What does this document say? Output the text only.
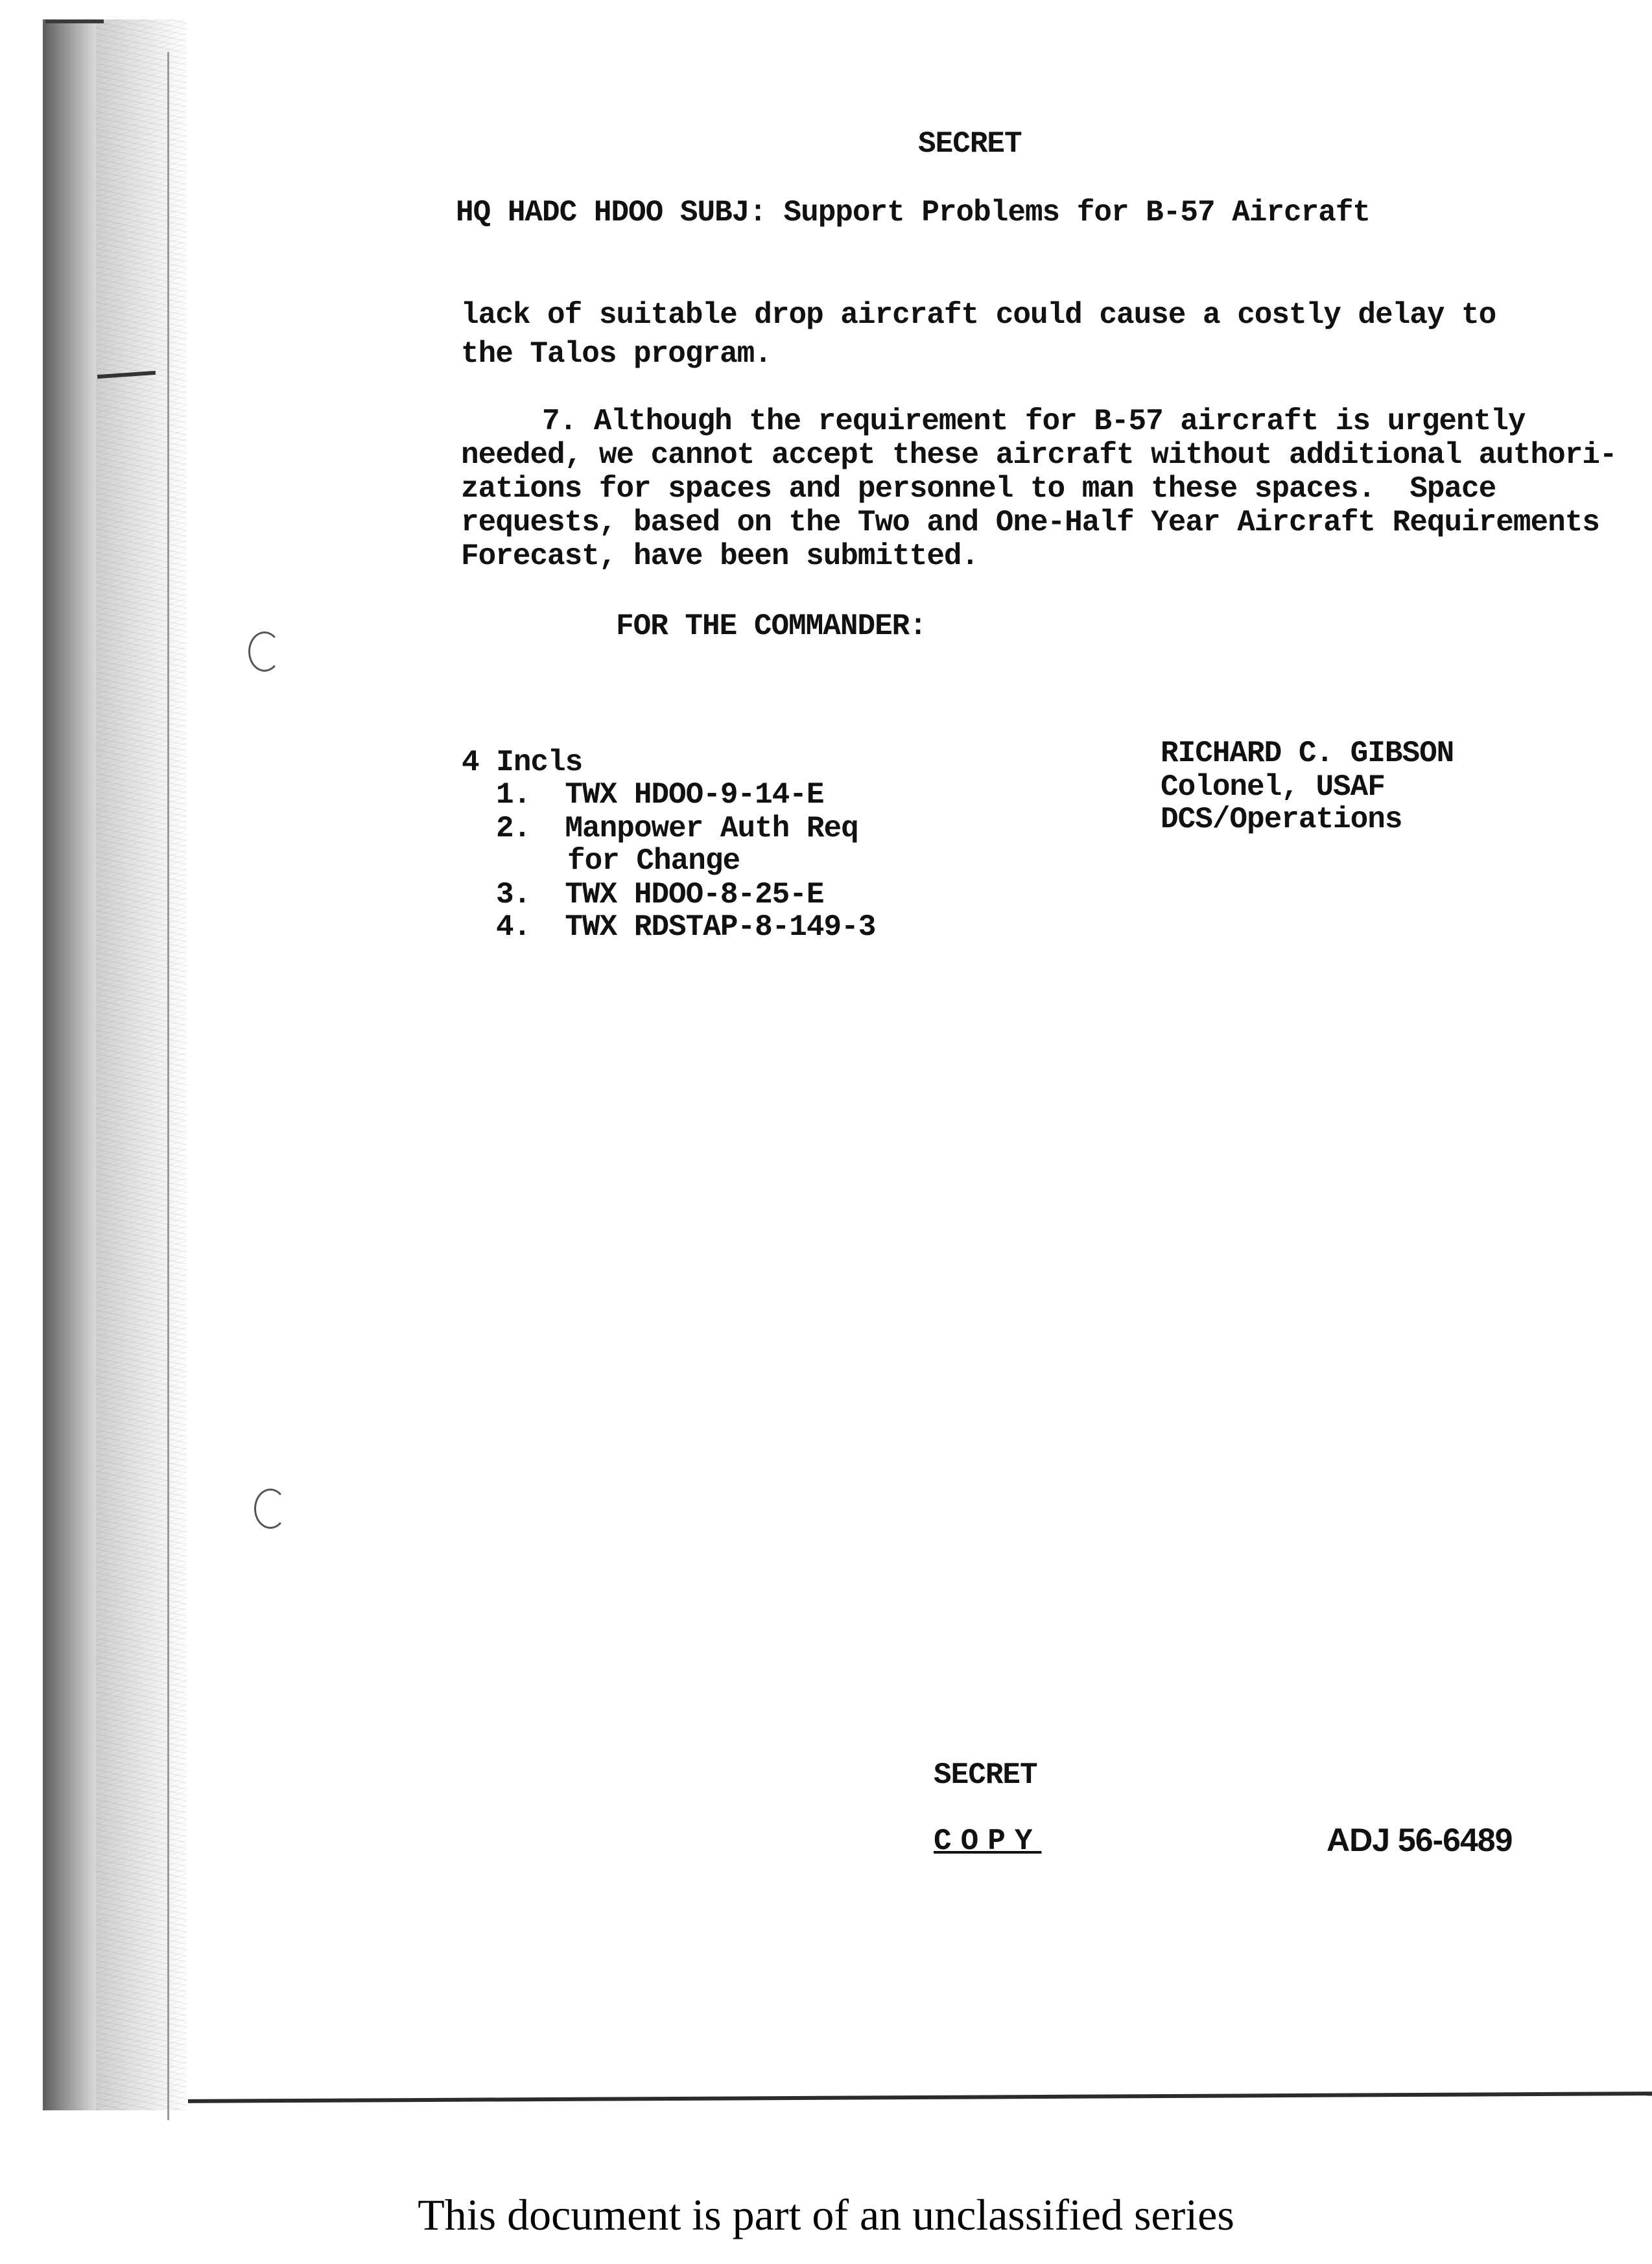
SECRET
HQ HADC HDOO SUBJ: Support Problems for B-57 Aircraft
lack of suitable drop aircraft could cause a costly delay to
the Talos program.
7. Although the requirement for B-57 aircraft is urgently
needed, we cannot accept these aircraft without additional authori-
zations for spaces and personnel to man these spaces.  Space
requests, based on the Two and One-Half Year Aircraft Requirements
Forecast, have been submitted.
FOR THE COMMANDER:
4 Incls
1.  TWX HDOO-9-14-E
2.  Manpower Auth Req
for Change
3.  TWX HDOO-8-25-E
4.  TWX RDSTAP-8-149-3
RICHARD C. GIBSON
Colonel, USAF
DCS/Operations
SECRET
COPY	ADJ 56-6489
This document is part of an unclassified series
